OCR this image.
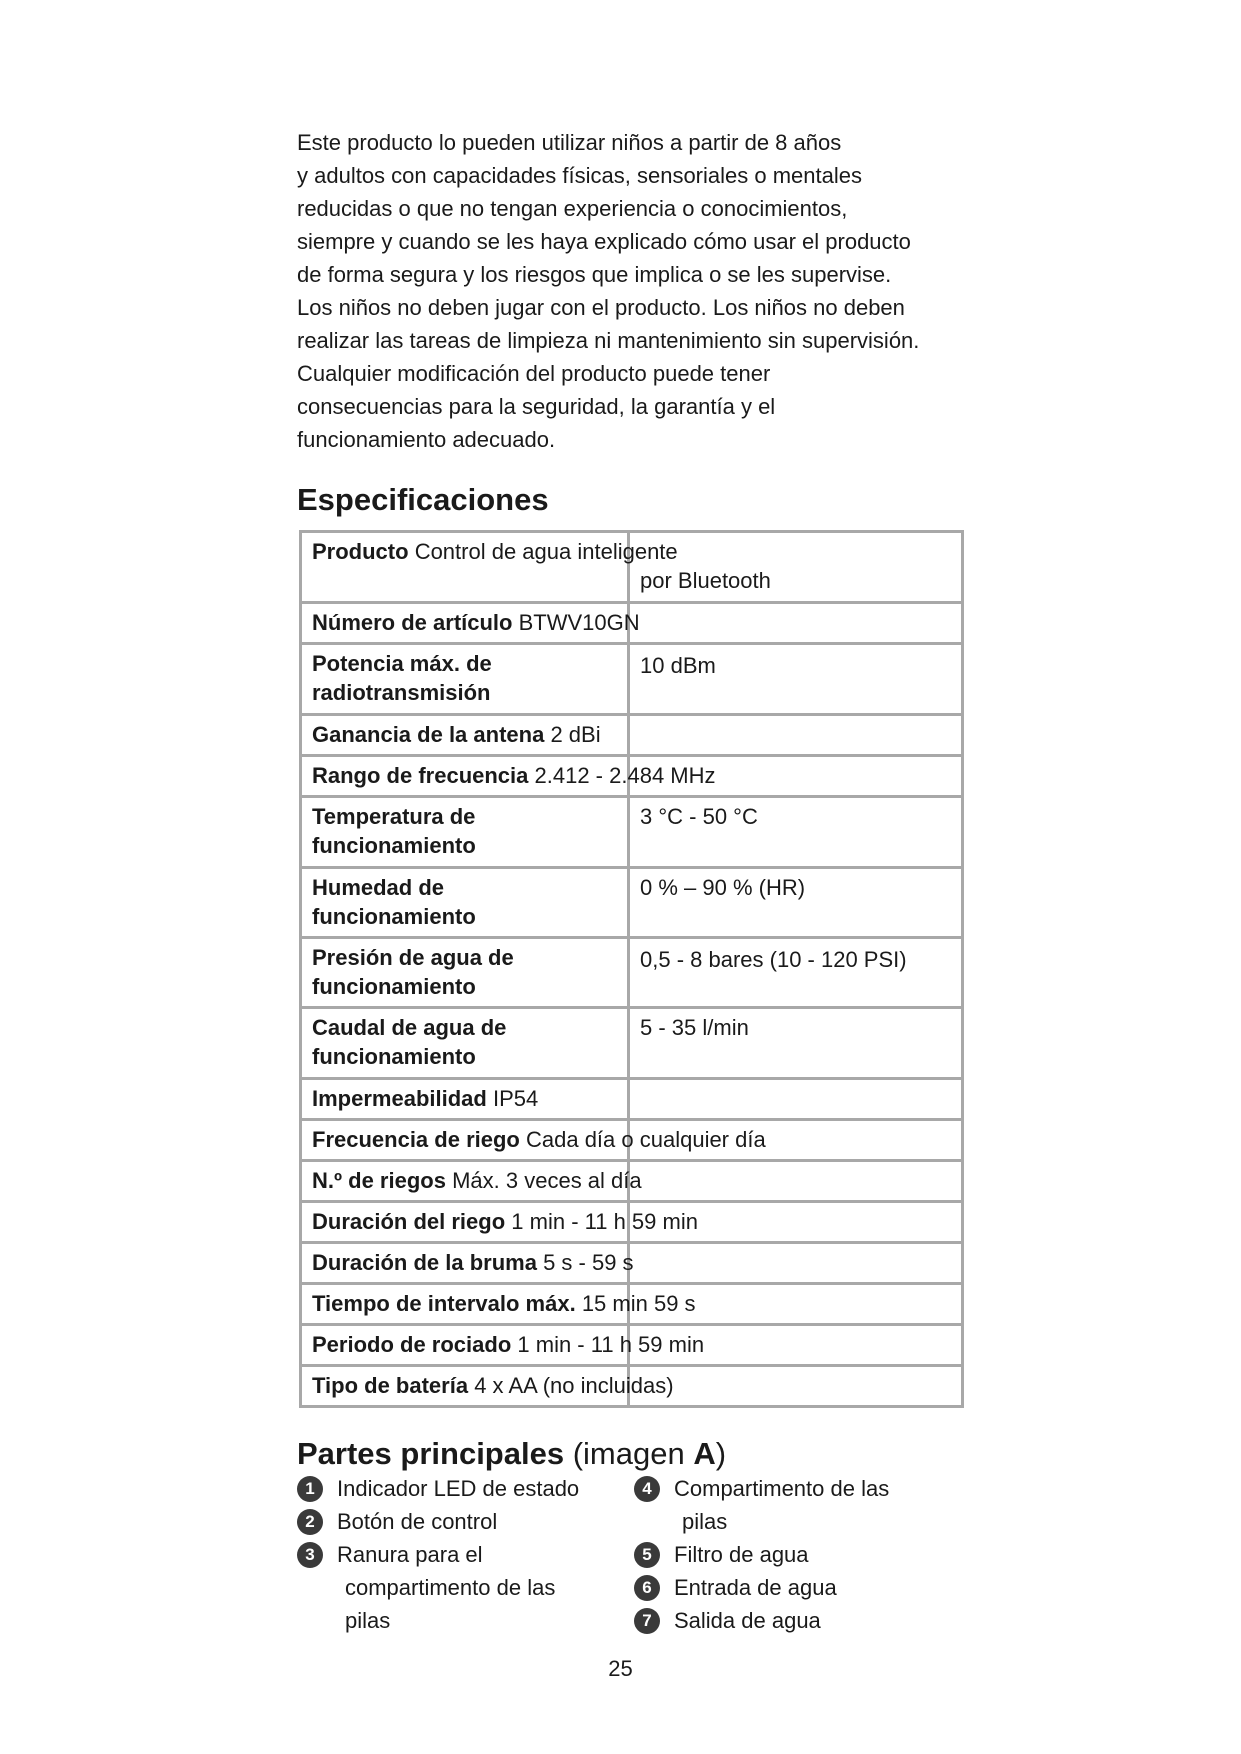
Este producto lo pueden utilizar niños a partir de 8 años
y adultos con capacidades físicas, sensoriales o mentales
reducidas o que no tengan experiencia o conocimientos,
siempre y cuando se les haya explicado cómo usar el producto
de forma segura y los riesgos que implica o se les supervise.
Los niños no deben jugar con el producto. Los niños no deben
realizar las tareas de limpieza ni mantenimiento sin supervisión.
Cualquier modificación del producto puede tener
consecuencias para la seguridad, la garantía y el
funcionamiento adecuado.
Especificaciones
Producto Control de agua inteligente	por Bluetooth

Número de artículo BTWV10GN	

Potencia máx. de
radiotransmisión	10 dBm

Ganancia de la antena 2 dBi	
Rango de frecuencia 2.412 - 2.484 MHz	

Temperatura de
funcionamiento	3 °C - 50 °C

Humedad de
funcionamiento	0 % – 90 % (HR)

Presión de agua de
funcionamiento	0,5 - 8 bares (10 - 120 PSI)

Caudal de agua de
funcionamiento	5 - 35 l/min

Impermeabilidad IP54	
Frecuencia de riego Cada día o cualquier día	
N.º de riegos Máx. 3 veces al día	
Duración del riego 1 min - 11 h 59 min	
Duración de la bruma 5 s - 59 s	
Tiempo de intervalo máx. 15 min 59 s	
Periodo de rociado 1 min - 11 h 59 min	
Tipo de batería 4 x AA (no incluidas)	
Partes principales (imagen A)
1	Indicador LED de estado
2	Botón de control
3	Ranura para el
compartimento de las
pilas
4	Compartimento de las
pilas
5	Filtro de agua
6	Entrada de agua
7	Salida de agua
25
